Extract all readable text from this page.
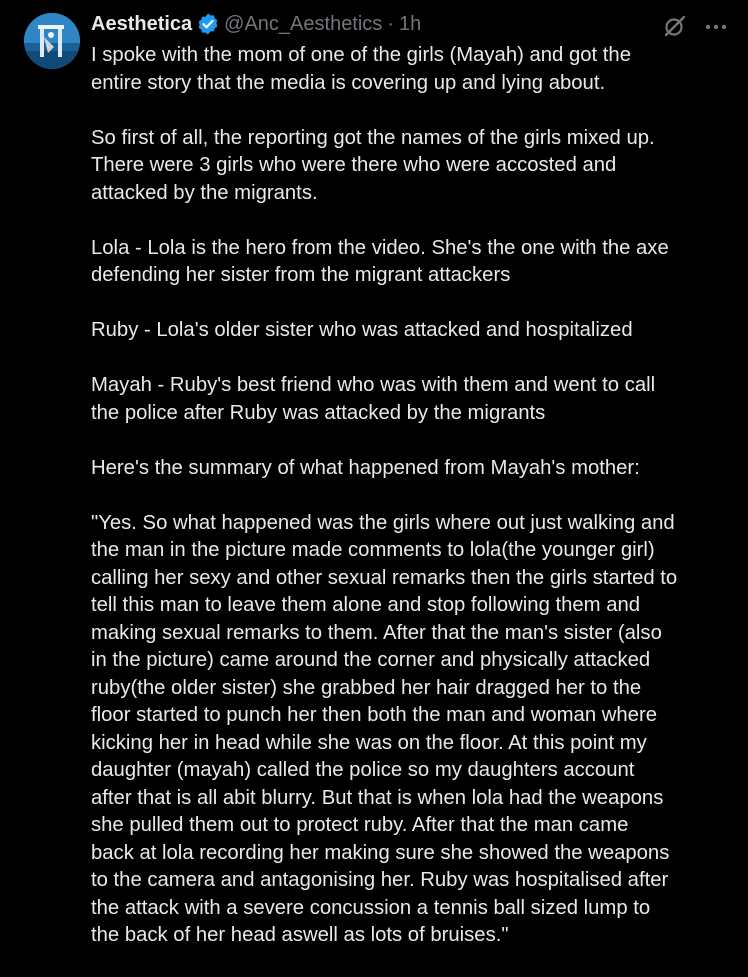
Aesthetica @Anc_Aesthetics · 1h

I spoke with the mom of one of the girls (Mayah) and got the
entire story that the media is covering up and lying about.

So first of all, the reporting got the names of the girls mixed up.
There were 3 girls who were there who were accosted and
attacked by the migrants.

Lola - Lola is the hero from the video. She's the one with the axe
defending her sister from the migrant attackers

Ruby - Lola's older sister who was attacked and hospitalized

Mayah - Ruby's best friend who was with them and went to call
the police after Ruby was attacked by the migrants

Here's the summary of what happened from Mayah's mother:

"Yes. So what happened was the girls where out just walking and
the man in the picture made comments to lola(the younger girl)
calling her sexy and other sexual remarks then the girls started to
tell this man to leave them alone and stop following them and
making sexual remarks to them. After that the man's sister (also
in the picture) came around the corner and physically attacked
ruby(the older sister) she grabbed her hair dragged her to the
floor started to punch her then both the man and woman where
kicking her in head while she was on the floor. At this point my
daughter (mayah) called the police so my daughters account
after that is all abit blurry. But that is when lola had the weapons
she pulled them out to protect ruby. After that the man came
back at lola recording her making sure she showed the weapons
to the camera and antagonising her. Ruby was hospitalised after
the attack with a severe concussion a tennis ball sized lump to
the back of her head aswell as lots of bruises."
